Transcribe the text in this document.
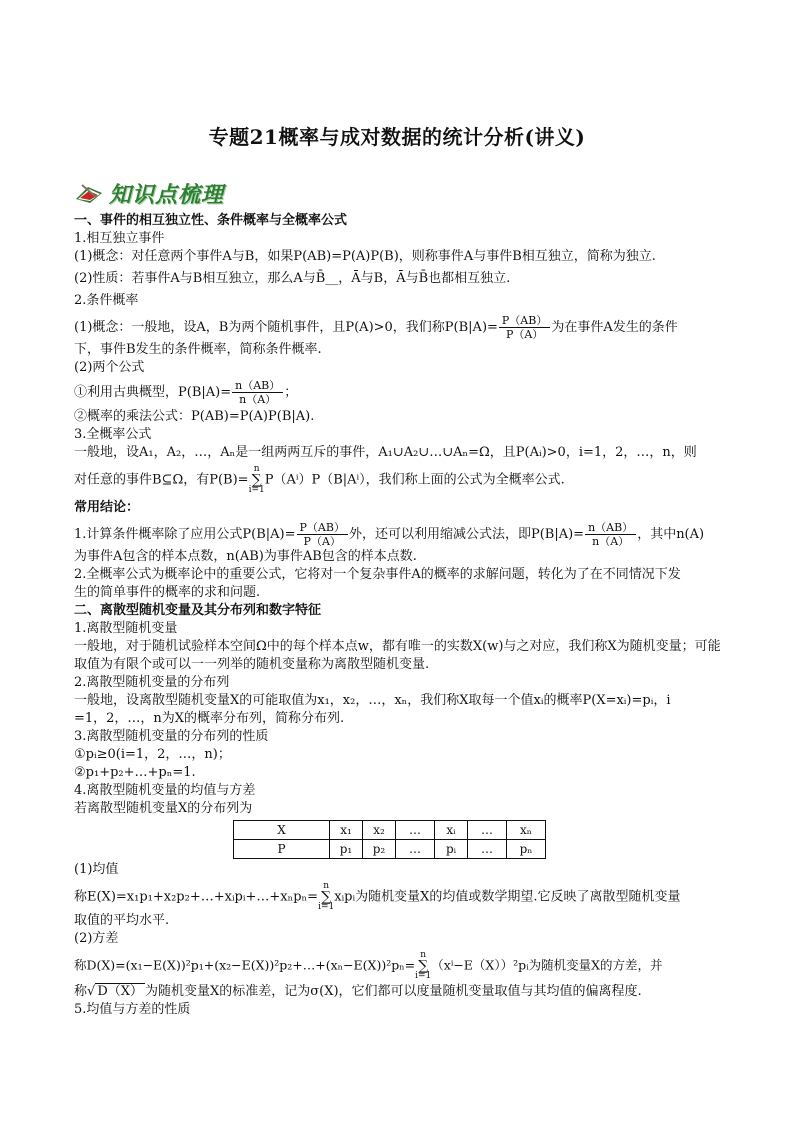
专题21概率与成对数据的统计分析(讲义)
知识点梳理
一、事件的相互独立性、条件概率与全概率公式
1.相互独立事件
(1)概念：对任意两个事件A与B，如果P(AB)=P(A)P(B)，则称事件A与事件B相互独立，简称为独立.
(2)性质：若事件A与B相互独立，那么A与B̄__，Ā与B，Ā与B̄也都相互独立.
2.条件概率
(1)概念：一般地，设A，B为两个随机事件，且P(A)>0，我们称$P(B|A)= \frac{P(AB)}{P(A)}$ 为在事件A发生的条件
下，事件B发生的条件概率，简称条件概率.
(2)两个公式
①利用古典概型，$P(B|A)= \frac{n(AB)}{n(A)}$ ；
②概率的乘法公式：P(AB)=P(A)P(B|A).
3.全概率公式
一般地，设A₁，A₂，…，Aₙ是一组两两互斥的事件，A₁∪A₂∪…∪Aₙ=Ω，且P(Aᵢ)>0，i=1，2，…，n，则
对任意的事件B⊆Ω，有P(B)=n
∑
i=1P（Aⁱ）P（B|Aⁱ），我们称上面的公式为全概率公式.
常用结论：
1.计算条件概率除了应用公式$P(B|A)= \frac{P(AB)}{P(A)}$ 外，还可以利用缩减公式法，即$P(B|A)= \frac{n(AB)}{n(A)}$ ，其中n(A)
为事件A包含的样本点数，n(AB)为事件AB包含的样本点数.
2.全概率公式为概率论中的重要公式，它将对一个复杂事件A的概率的求解问题，转化为了在不同情况下发
生的简单事件的概率的求和问题.
二、离散型随机变量及其分布列和数字特征
1.离散型随机变量
一般地，对于随机试验样本空间Ω中的每个样本点w，都有唯一的实数X(w)与之对应，我们称X为随机变量；可能取值为有限个或可以一一列举的随机变量称为离散型随机变量.
2.离散型随机变量的分布列
一般地，设离散型随机变量X的可能取值为x₁，x₂，…，xₙ，我们称X取每一个值xᵢ的概率P(X=xᵢ)=pᵢ，i
=1，2，…，n为X的概率分布列，简称分布列.
3.离散型随机变量的分布列的性质
①pᵢ≥0(i=1，2，…，n)；
②p₁+p₂+…+pₙ=1.
4.离散型随机变量的均值与方差
若离散型随机变量X的分布列为
X	x₁	x₂	…	xᵢ	…	xₙ
P	p₁	p₂	…	pᵢ	…	pₙ
(1)均值
称E(X)=x₁p₁+x₂p₂+…+xᵢpᵢ+…+xₙpₙ=n
∑
i=1xᵢpᵢ为随机变量X的均值或数学期望.它反映了离散型随机变量
取值的平均水平.
(2)方差
称D(X)=(x₁−E(X))²p₁+(x₂−E(X))²p₂+…+(xₙ−E(X))²pₙ=n
∑
i=1（xⁱ−E（X））²pᵢ为随机变量X的方差，并
称√ D（X） 为随机变量X的标准差，记为σ(X)，它们都可以度量随机变量取值与其均值的偏离程度.
5.均值与方差的性质
